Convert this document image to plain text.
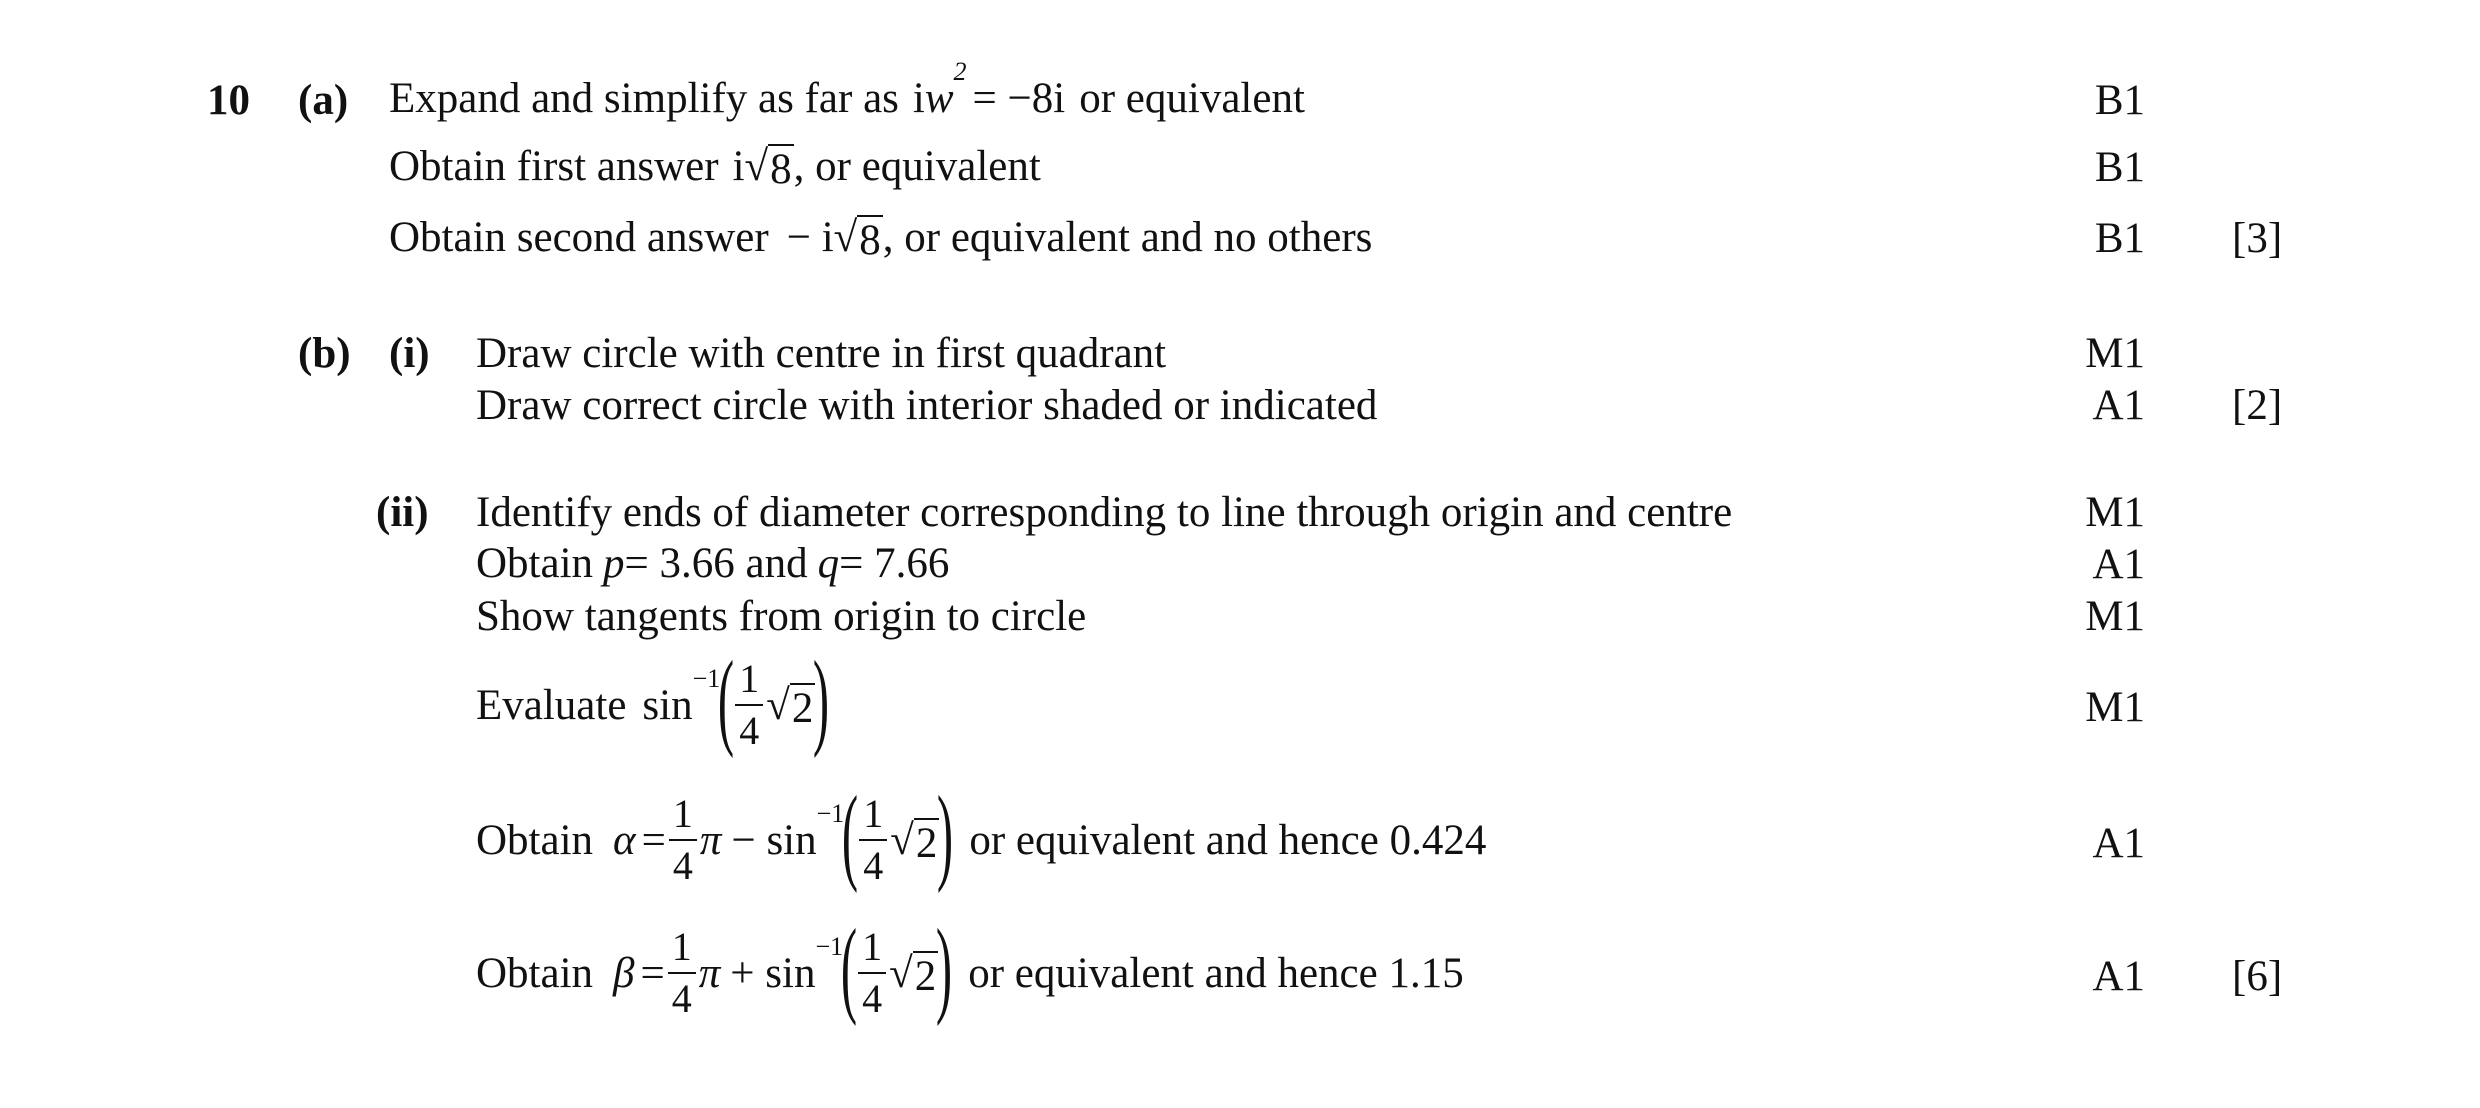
10 (a) Expand and simplify as far as i w
2
= −8i or equivalent	B1
Obtain first answer i √ 8 , or equivalent	B1
Obtain second answer − i √ 8 , or equivalent and no others	B1 [3]
(b) (i) Draw circle with centre in first quadrant	M1
Draw correct circle with interior shaded or indicated	A1 [2]
(ii) Identify ends of diameter corresponding to line through origin and centre	M1
Obtain p = 3.66 and q = 7.66	A1
Show tangents from origin to circle	M1
Evaluate sin
−1
( $\frac{1}{4}$ √ 2 )	M1
Obtain $\alpha = \frac{1}{4}$ π − sin
−1
( $\frac{1}{4}$ √ 2 ) or equivalent and hence 0.424	A1
Obtain $\beta = \frac{1}{4}$ π + sin
−1
( $\frac{1}{4}$ √ 2 ) or equivalent and hence 1.15	A1 [6]
